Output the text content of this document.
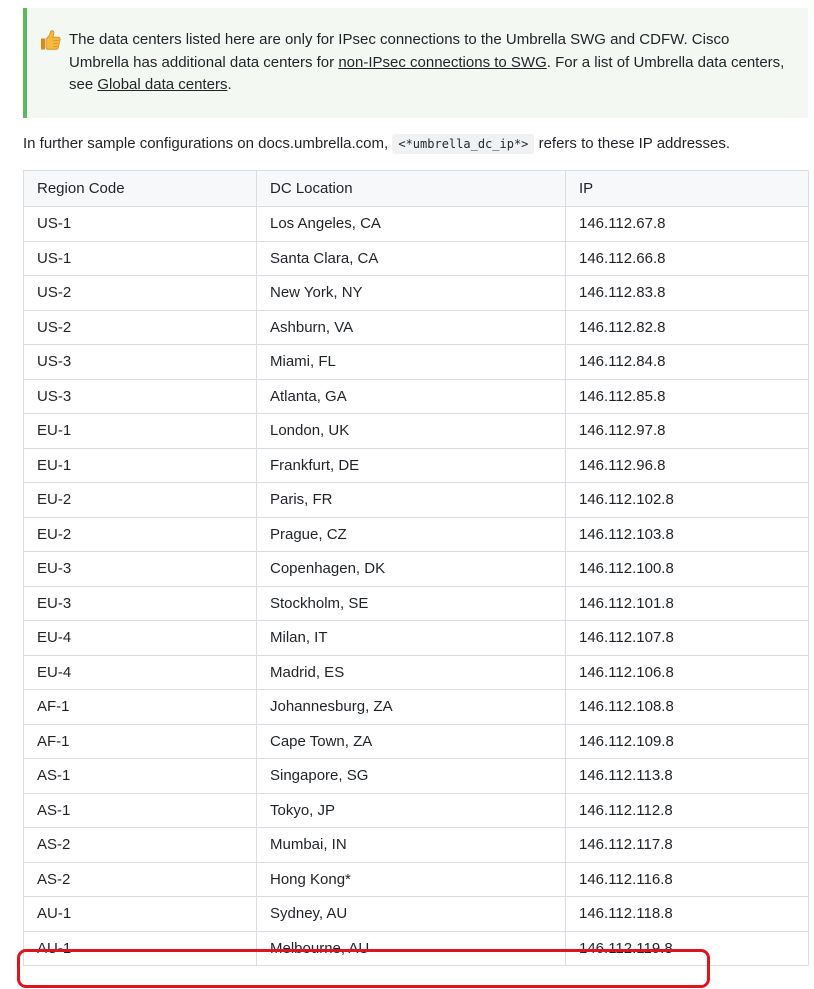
The data centers listed here are only for IPsec connections to the Umbrella SWG and CDFW. Cisco Umbrella has additional data centers for non-IPsec connections to SWG. For a list of Umbrella data centers, see Global data centers.

In further sample configurations on docs.umbrella.com, <*umbrella_dc_ip*> refers to these IP addresses.

Region Code	DC Location	IP
US-1	Los Angeles, CA	146.112.67.8
US-1	Santa Clara, CA	146.112.66.8
US-2	New York, NY	146.112.83.8
US-2	Ashburn, VA	146.112.82.8
US-3	Miami, FL	146.112.84.8
US-3	Atlanta, GA	146.112.85.8
EU-1	London, UK	146.112.97.8
EU-1	Frankfurt, DE	146.112.96.8
EU-2	Paris, FR	146.112.102.8
EU-2	Prague, CZ	146.112.103.8
EU-3	Copenhagen, DK	146.112.100.8
EU-3	Stockholm, SE	146.112.101.8
EU-4	Milan, IT	146.112.107.8
EU-4	Madrid, ES	146.112.106.8
AF-1	Johannesburg, ZA	146.112.108.8
AF-1	Cape Town, ZA	146.112.109.8
AS-1	Singapore, SG	146.112.113.8
AS-1	Tokyo, JP	146.112.112.8
AS-2	Mumbai, IN	146.112.117.8
AS-2	Hong Kong*	146.112.116.8
AU-1	Sydney, AU	146.112.118.8
AU-1	Melbourne, AU	146.112.119.8
